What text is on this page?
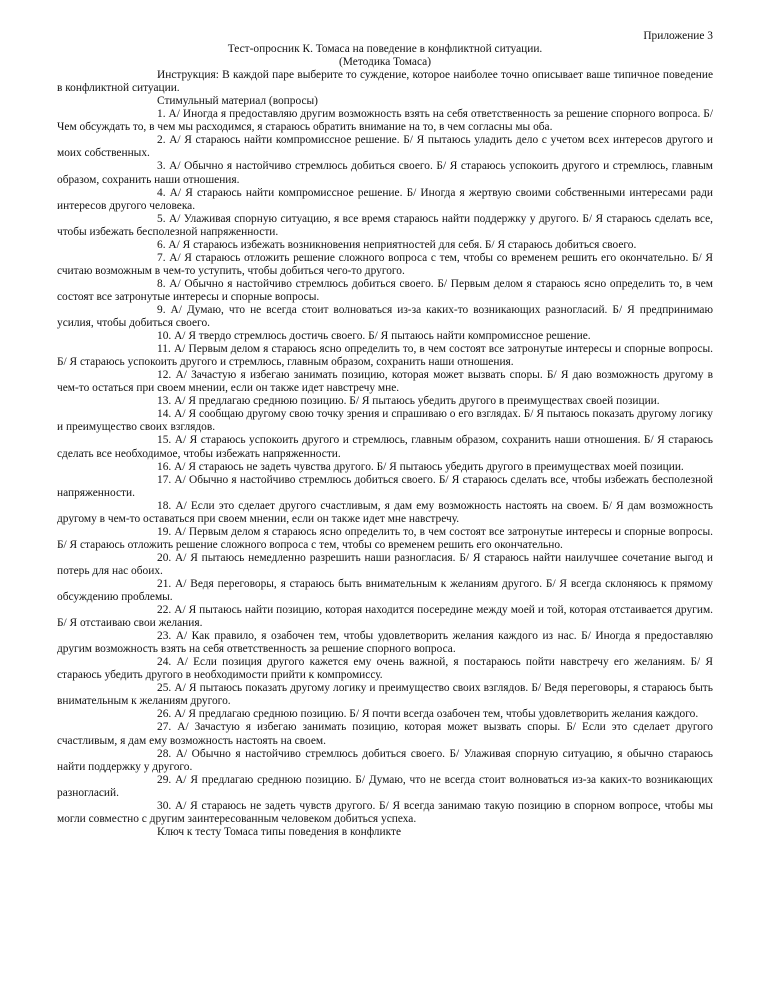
Приложение 3

Тест-опросник К. Томаса на поведение в конфликтной ситуации.

(Методика Томаса)

Инструкция: В каждой паре выберите то суждение, которое наиболее точно описывает ваше типичное поведение в конфликтной ситуации.

Стимульный материал (вопросы)

1. А/ Иногда я предоставляю другим возможность взять на себя ответственность за решение спорного вопроса. Б/ Чем обсуждать то, в чем мы расходимся, я стараюсь обратить внимание на то, в чем согласны мы оба.

2. А/ Я стараюсь найти компромиссное решение. Б/ Я пытаюсь уладить дело с учетом всех интересов другого и моих собственных.

3. А/ Обычно я настойчиво стремлюсь добиться своего. Б/ Я стараюсь успокоить другого и стремлюсь, главным образом, сохранить наши отношения.

4. А/ Я стараюсь найти компромиссное решение. Б/ Иногда я жертвую своими собственными интересами ради интересов другого человека.

5. А/ Улаживая спорную ситуацию, я все время стараюсь найти поддержку у другого. Б/ Я стараюсь сделать все, чтобы избежать бесполезной напряженности.

6. А/ Я стараюсь избежать возникновения неприятностей для себя. Б/ Я стараюсь добиться своего.

7. А/ Я стараюсь отложить решение сложного вопроса с тем, чтобы со временем решить его окончательно. Б/ Я считаю возможным в чем-то уступить, чтобы добиться чего-то другого.

8. А/ Обычно я настойчиво стремлюсь добиться своего. Б/ Первым делом я стараюсь ясно определить то, в чем состоят все затронутые интересы и спорные вопросы.

9. А/ Думаю, что не всегда стоит волноваться из-за каких-то возникающих разногласий. Б/ Я предпринимаю усилия, чтобы добиться своего.

10. А/ Я твердо стремлюсь достичь своего. Б/ Я пытаюсь найти компромиссное решение.

11. А/ Первым делом я стараюсь ясно определить то, в чем состоят все затронутые интересы и спорные вопросы. Б/ Я стараюсь успокоить другого и стремлюсь, главным образом, сохранить наши отношения.

12. А/ Зачастую я избегаю занимать позицию, которая может вызвать споры. Б/ Я даю возможность другому в чем-то остаться при своем мнении, если он также идет навстречу мне.

13. А/ Я предлагаю среднюю позицию. Б/ Я пытаюсь убедить другого в преимуществах своей позиции.

14. А/ Я сообщаю другому свою точку зрения и спрашиваю о его взглядах. Б/ Я пытаюсь показать другому логику и преимущество своих взглядов.

15. А/ Я стараюсь успокоить другого и стремлюсь, главным образом, сохранить наши отношения. Б/ Я стараюсь сделать все необходимое, чтобы избежать напряженности.

16. А/ Я стараюсь не задеть чувства другого. Б/ Я пытаюсь убедить другого в преимуществах моей позиции.

17. А/ Обычно я настойчиво стремлюсь добиться своего. Б/ Я стараюсь сделать все, чтобы избежать бесполезной напряженности.

18. А/ Если это сделает другого счастливым, я дам ему возможность настоять на своем. Б/ Я дам возможность другому в чем-то оставаться при своем мнении, если он также идет мне навстречу.

19. А/ Первым делом я стараюсь ясно определить то, в чем состоят все затронутые интересы и спорные вопросы. Б/ Я стараюсь отложить решение сложного вопроса с тем, чтобы со временем решить его окончательно.

20. А/ Я пытаюсь немедленно разрешить наши разногласия. Б/ Я стараюсь найти наилучшее сочетание выгод и потерь для нас обоих.

21. А/ Ведя переговоры, я стараюсь быть внимательным к желаниям другого. Б/ Я всегда склоняюсь к прямому обсуждению проблемы.

22. А/ Я пытаюсь найти позицию, которая находится посередине между моей и той, которая отстаивается другим. Б/ Я отстаиваю свои желания.

23. А/ Как правило, я озабочен тем, чтобы удовлетворить желания каждого из нас. Б/ Иногда я предоставляю другим возможность взять на себя ответственность за решение спорного вопроса.

24. А/ Если позиция другого кажется ему очень важной, я постараюсь пойти навстречу его желаниям. Б/ Я стараюсь убедить другого в необходимости прийти к компромиссу.

25. А/ Я пытаюсь показать другому логику и преимущество своих взглядов. Б/ Ведя переговоры, я стараюсь быть внимательным к желаниям другого.

26. А/ Я предлагаю среднюю позицию. Б/ Я почти всегда озабочен тем, чтобы удовлетворить желания каждого.

27. А/ Зачастую я избегаю занимать позицию, которая может вызвать споры. Б/ Если это сделает другого счастливым, я дам ему возможность настоять на своем.

28. А/ Обычно я настойчиво стремлюсь добиться своего. Б/ Улаживая спорную ситуацию, я обычно стараюсь найти поддержку у другого.

29. А/ Я предлагаю среднюю позицию. Б/ Думаю, что не всегда стоит волноваться из-за каких-то возникающих разногласий.

30. А/ Я стараюсь не задеть чувств другого. Б/ Я всегда занимаю такую позицию в спорном вопросе, чтобы мы могли совместно с другим заинтересованным человеком добиться успеха.

Ключ к тесту Томаса типы поведения в конфликте
